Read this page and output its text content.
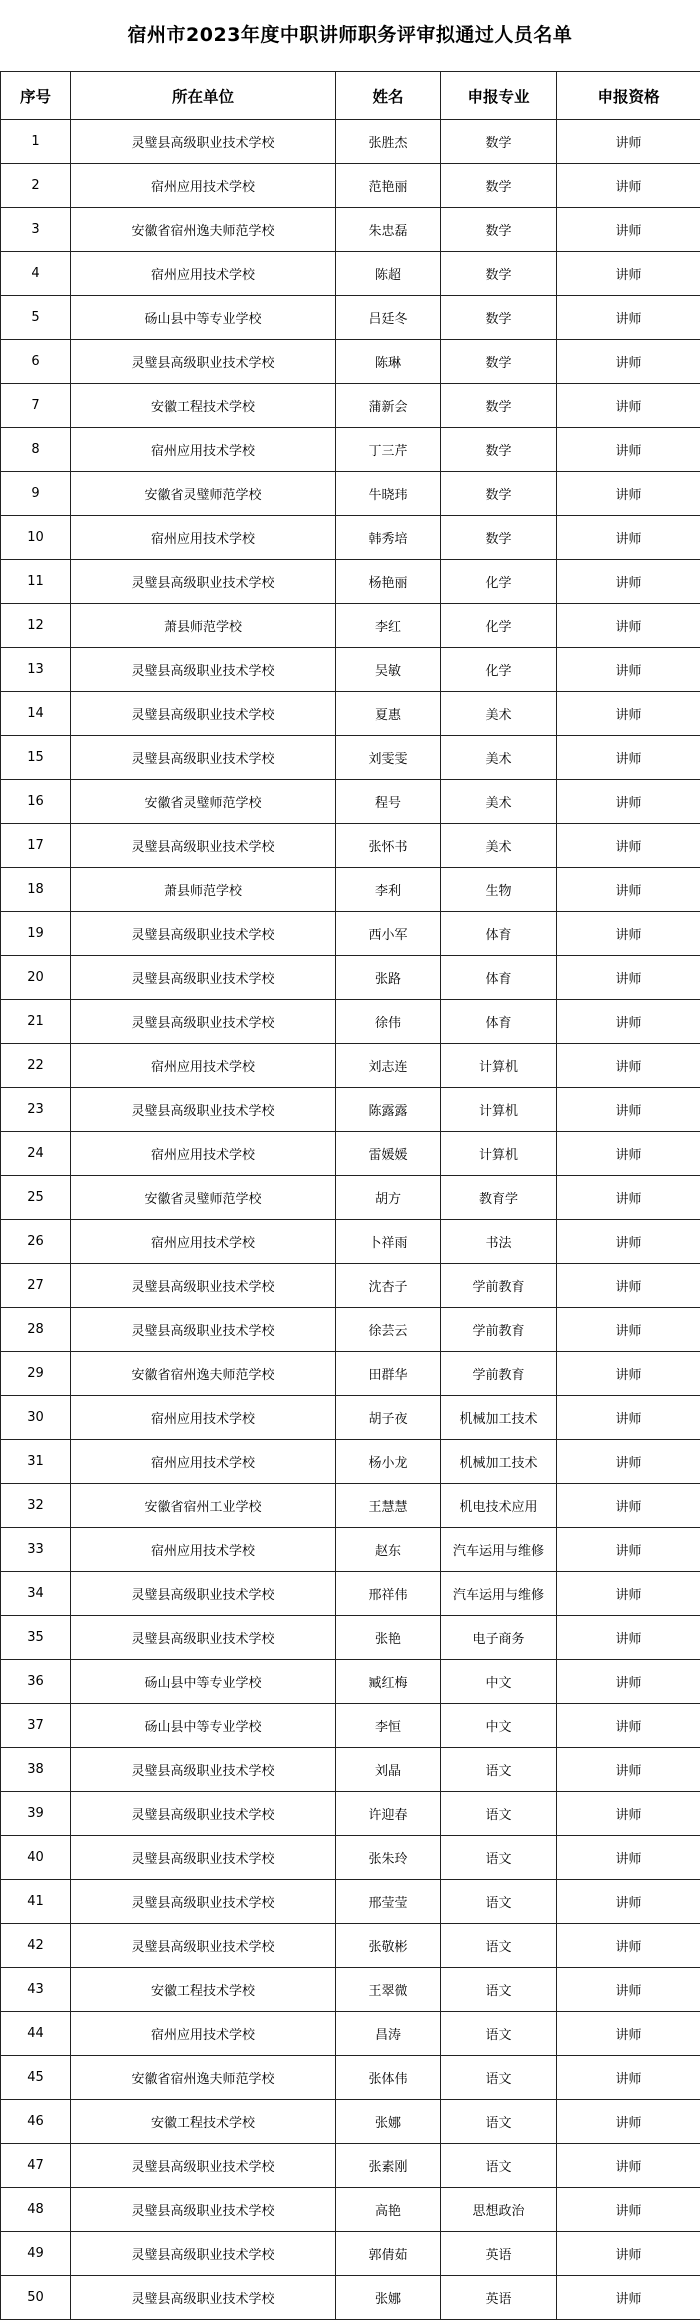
宿州市2023年度中职讲师职务评审拟通过人员名单
序号	所在单位	姓名	申报专业	申报资格
1	灵璧县高级职业技术学校	张胜杰	数学	讲师
2	宿州应用技术学校	范艳丽	数学	讲师
3	安徽省宿州逸夫师范学校	朱忠磊	数学	讲师
4	宿州应用技术学校	陈超	数学	讲师
5	砀山县中等专业学校	吕廷冬	数学	讲师
6	灵璧县高级职业技术学校	陈琳	数学	讲师
7	安徽工程技术学校	蒲新会	数学	讲师
8	宿州应用技术学校	丁三芹	数学	讲师
9	安徽省灵璧师范学校	牛晓玮	数学	讲师
10	宿州应用技术学校	韩秀培	数学	讲师
11	灵璧县高级职业技术学校	杨艳丽	化学	讲师
12	萧县师范学校	李红	化学	讲师
13	灵璧县高级职业技术学校	吴敏	化学	讲师
14	灵璧县高级职业技术学校	夏惠	美术	讲师
15	灵璧县高级职业技术学校	刘雯雯	美术	讲师
16	安徽省灵璧师范学校	程号	美术	讲师
17	灵璧县高级职业技术学校	张怀书	美术	讲师
18	萧县师范学校	李利	生物	讲师
19	灵璧县高级职业技术学校	西小军	体育	讲师
20	灵璧县高级职业技术学校	张路	体育	讲师
21	灵璧县高级职业技术学校	徐伟	体育	讲师
22	宿州应用技术学校	刘志连	计算机	讲师
23	灵璧县高级职业技术学校	陈露露	计算机	讲师
24	宿州应用技术学校	雷媛媛	计算机	讲师
25	安徽省灵璧师范学校	胡方	教育学	讲师
26	宿州应用技术学校	卜祥雨	书法	讲师
27	灵璧县高级职业技术学校	沈杏子	学前教育	讲师
28	灵璧县高级职业技术学校	徐芸云	学前教育	讲师
29	安徽省宿州逸夫师范学校	田群华	学前教育	讲师
30	宿州应用技术学校	胡子夜	机械加工技术	讲师
31	宿州应用技术学校	杨小龙	机械加工技术	讲师
32	安徽省宿州工业学校	王慧慧	机电技术应用	讲师
33	宿州应用技术学校	赵东	汽车运用与维修	讲师
34	灵璧县高级职业技术学校	邢祥伟	汽车运用与维修	讲师
35	灵璧县高级职业技术学校	张艳	电子商务	讲师
36	砀山县中等专业学校	臧红梅	中文	讲师
37	砀山县中等专业学校	李恒	中文	讲师
38	灵璧县高级职业技术学校	刘晶	语文	讲师
39	灵璧县高级职业技术学校	许迎春	语文	讲师
40	灵璧县高级职业技术学校	张朱玲	语文	讲师
41	灵璧县高级职业技术学校	邢莹莹	语文	讲师
42	灵璧县高级职业技术学校	张敬彬	语文	讲师
43	安徽工程技术学校	王翠微	语文	讲师
44	宿州应用技术学校	昌涛	语文	讲师
45	安徽省宿州逸夫师范学校	张体伟	语文	讲师
46	安徽工程技术学校	张娜	语文	讲师
47	灵璧县高级职业技术学校	张素刚	语文	讲师
48	灵璧县高级职业技术学校	高艳	思想政治	讲师
49	灵璧县高级职业技术学校	郭倩茹	英语	讲师
50	灵璧县高级职业技术学校	张娜	英语	讲师
